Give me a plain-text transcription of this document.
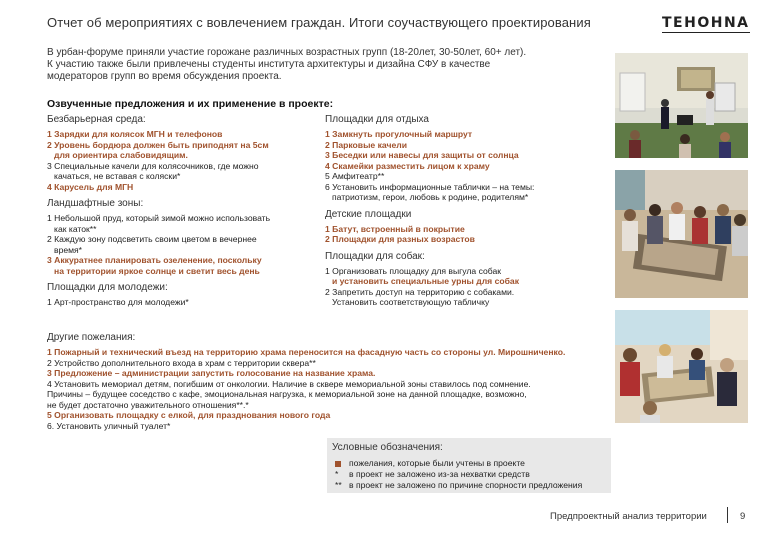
Отчет об мероприятиях с вовлечением граждан. Итоги соучаствующего проектирования	TEHOHNA
В урбан-форуме приняли участие горожане различных возрастных групп (18-20лет, 30-50лет, 60+ лет).
К участию также были привлечены студенты института архитектуры и дизайна СФУ в качестве
модераторов групп во время обсуждения проекта.
Озвученные предложения и их применение в проекте:
Безбарьерная среда:
1 Зарядки для колясок МГН и телефонов
2 Уровень бордюра должен быть приподнят на 5см
для ориентира слабовидящим.
3 Специальные качели для колясочников, где можно
качаться, не вставая с коляски*
4 Карусель для МГН
Ландшафтные зоны:
1 Небольшой пруд, который зимой можно использовать
как каток**
2 Каждую зону подсветить своим цветом в вечернее
время*
3 Аккуратнее планировать озеленение, поскольку
на территории яркое солнце и светит весь день
Площадки для молодежи:
1 Арт-пространство для молодежи*
Площадки для отдыха
1 Замкнуть прогулочный маршрут
2 Парковые качели
3 Беседки или навесы для защиты от солнца
4 Скамейки разместить лицом к храму
5 Амфитеатр**
6 Установить информационные таблички – на темы:
патриотизм, герои, любовь к родине, родителям*
Детские площадки
1 Батут, встроенный в покрытие
2 Площадки для разных возрастов
Площадки для собак:
1 Организовать площадку для выгула собак
и установить специальные урны для собак
2 Запретить доступ на территорию с собаками.
Установить соответствующую табличку
Другие пожелания:
1 Пожарный и технический въезд на территорию храма переносится на фасадную часть со стороны ул. Мирошниченко.
2 Устройство дополнительного входа в храм с территории сквера**
3 Предложение – администрации запустить голосование на название храма.
4 Установить мемориал детям, погибшим от онкологии. Наличие в сквере мемориальной зоны ставилось под сомнение.
Причины – будущее соседство с кафе, эмоциональная нагрузка, к мемориальной зоне на данной площадке, возможно,
не будет достаточно уважительного отношения**.*
5 Организовать площадку с елкой, для празднования нового года
6. Установить уличный туалет*
Условные обозначения:
пожелания, которые были учтены в проекте
* в проект не заложено из-за нехватки средств
** в проект не заложено по причине спорности предложения
Предпроектный анализ территории	9
